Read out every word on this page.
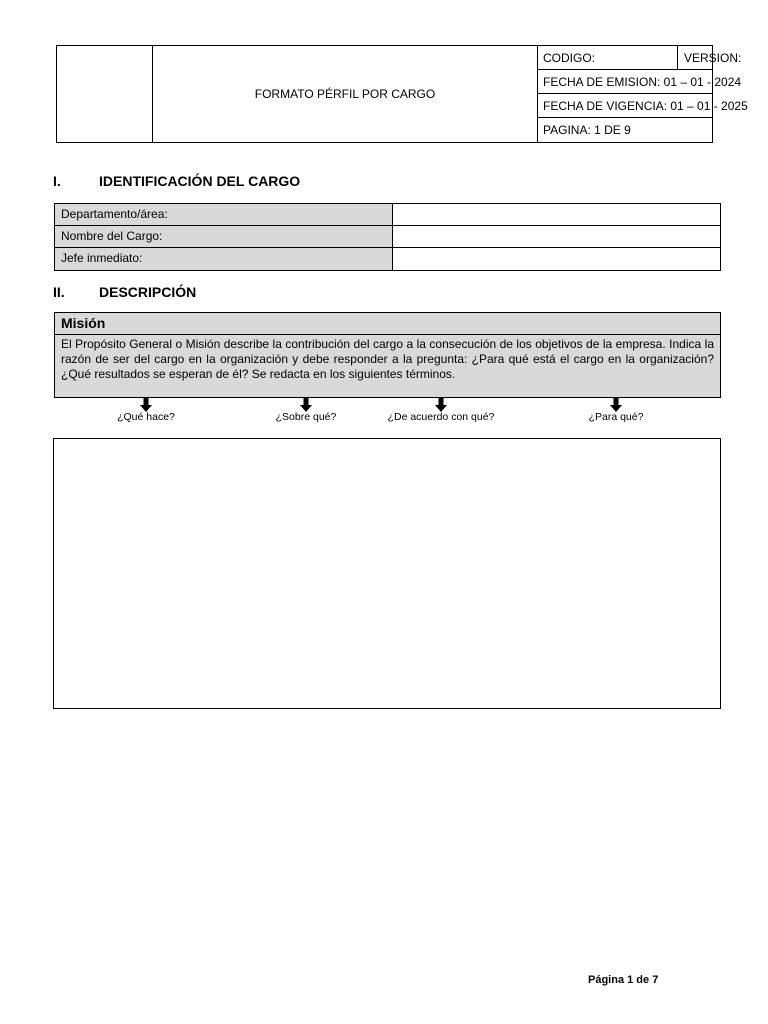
FORMATO PÉRFIL POR CARGO
CODIGO:	VERSION:
FECHA DE EMISION: 01 – 01 - 2024
FECHA DE VIGENCIA: 01 – 01 - 2025
PAGINA: 1 DE 9
I.	IDENTIFICACIÓN DEL CARGO
Departamento/área:
Nombre del Cargo:
Jefe inmediato:
II. DESCRIPCIÓN
Misión
El Propósito General o Misión describe la contribución del cargo a la consecución de los objetivos de la empresa. Indica la razón de ser del cargo en la organización y debe responder a la pregunta: ¿Para qué está el cargo en la organización? ¿Qué resultados se esperan de él? Se redacta en los siguientes términos.
¿Qué hace?	¿Sobre qué?	¿De acuerdo con qué?	¿Para qué?
Página 1 de 7
